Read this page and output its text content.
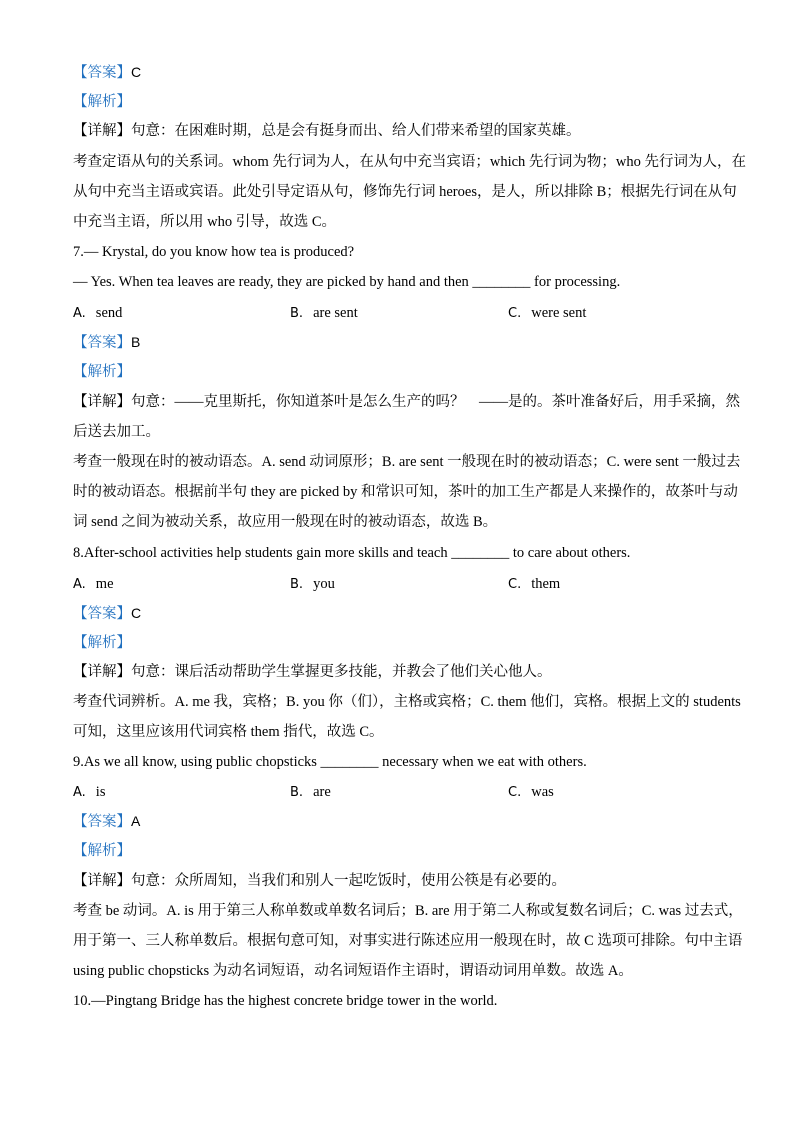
【答案】C
【解析】
【详解】句意：在困难时期，总是会有挺身而出、给人们带来希望的国家英雄。
考查定语从句的关系词。whom 先行词为人，在从句中充当宾语；which 先行词为物；who 先行词为人，在
从句中充当主语或宾语。此处引导定语从句，修饰先行词 heroes，是人，所以排除 B；根据先行词在从句
中充当主语，所以用 who 引导，故选 C。
7.— Krystal, do you know how tea is produced?
— Yes. When tea leaves are ready, they are picked by hand and then ________ for processing.
A. send	B. are sent	C. were sent
【答案】B
【解析】
【详解】句意：——克里斯托，你知道茶叶是怎么生产的吗？　——是的。茶叶准备好后，用手采摘，然
后送去加工。
考查一般现在时的被动语态。A. send 动词原形；B. are sent 一般现在时的被动语态；C. were sent 一般过去
时的被动语态。根据前半句 they are picked by 和常识可知，茶叶的加工生产都是人来操作的，故茶叶与动
词 send 之间为被动关系，故应用一般现在时的被动语态，故选 B。
8.After-school activities help students gain more skills and teach ________ to care about others.
A. me	B. you	C. them
【答案】C
【解析】
【详解】句意：课后活动帮助学生掌握更多技能，并教会了他们关心他人。
考查代词辨析。A. me 我，宾格；B. you 你（们），主格或宾格；C. them 他们，宾格。根据上文的 students
可知，这里应该用代词宾格 them 指代，故选 C。
9.As we all know, using public chopsticks ________ necessary when we eat with others.
A. is	B. are	C. was
【答案】A
【解析】
【详解】句意：众所周知，当我们和别人一起吃饭时，使用公筷是有必要的。
考查 be 动词。A. is 用于第三人称单数或单数名词后；B. are 用于第二人称或复数名词后；C. was 过去式，
用于第一、三人称单数后。根据句意可知，对事实进行陈述应用一般现在时，故 C 选项可排除。句中主语
using public chopsticks 为动名词短语，动名词短语作主语时，谓语动词用单数。故选 A。
10.—Pingtang Bridge has the highest concrete bridge tower in the world.
